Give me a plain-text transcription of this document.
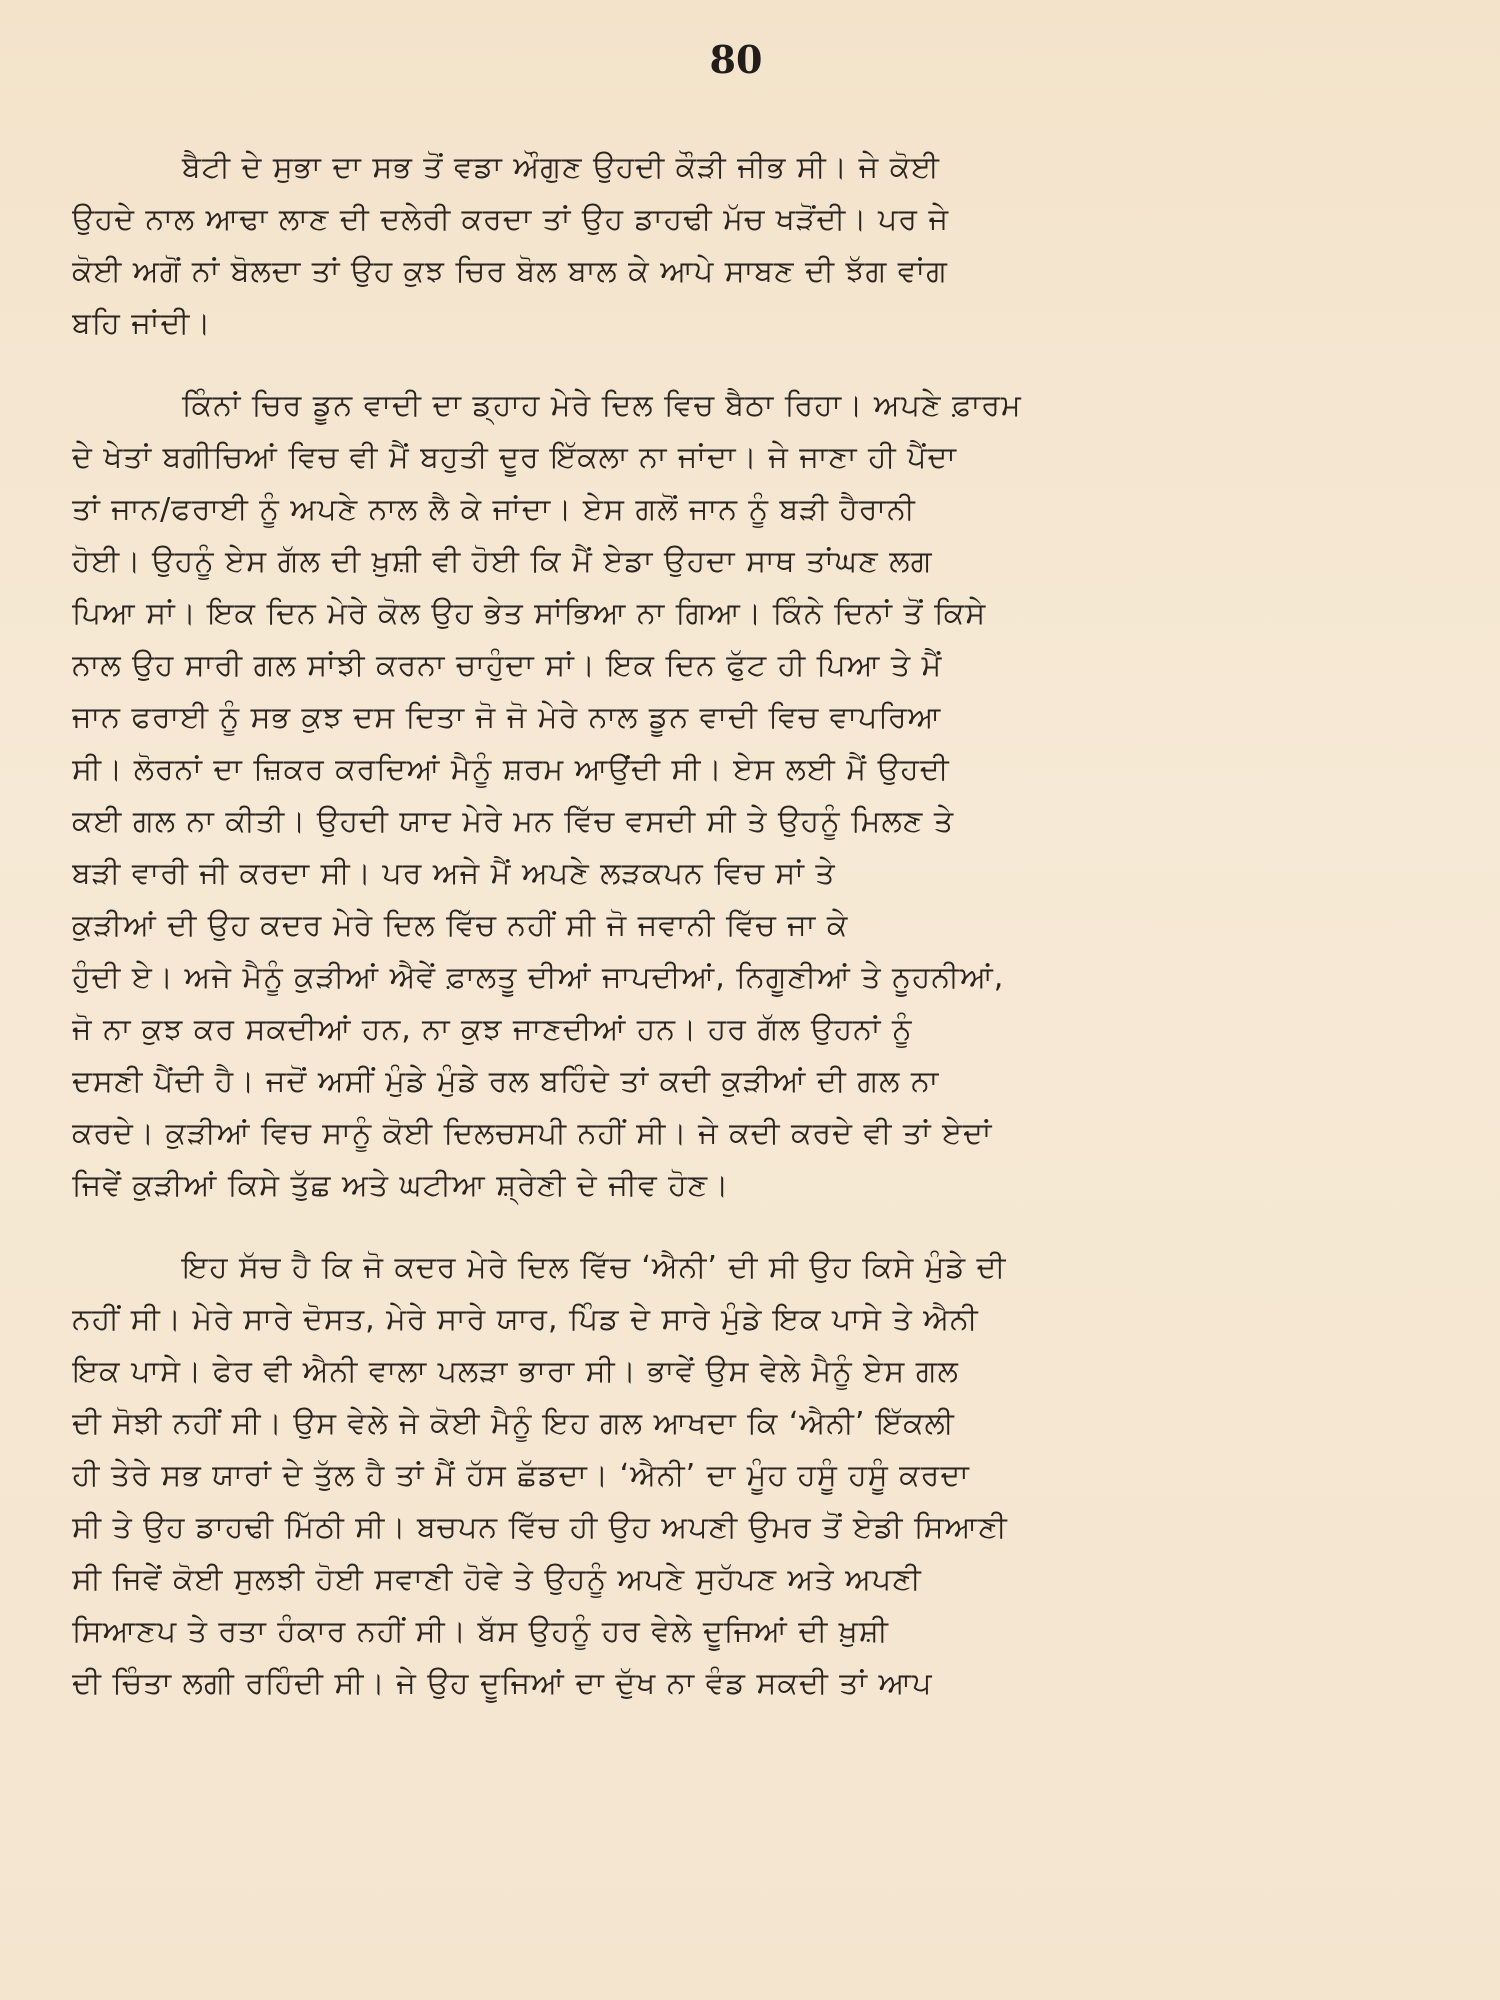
80
ਬੈਟੀ ਦੇ ਸੁਭਾ ਦਾ ਸਭ ਤੋਂ ਵਡਾ ਔਗੁਣ ਉਹਦੀ ਕੌੜੀ ਜੀਭ ਸੀ। ਜੇ ਕੋਈ
ਉਹਦੇ ਨਾਲ ਆਢਾ ਲਾਣ ਦੀ ਦਲੇਰੀ ਕਰਦਾ ਤਾਂ ਉਹ ਡਾਹਢੀ ਮੱਚ ਖੜੋਂਦੀ। ਪਰ ਜੇ
ਕੋਈ ਅਗੋਂ ਨਾਂ ਬੋਲਦਾ ਤਾਂ ਉਹ ਕੁਝ ਚਿਰ ਬੋਲ ਬਾਲ ਕੇ ਆਪੇ ਸਾਬਣ ਦੀ ਝੱਗ ਵਾਂਗ
ਬਹਿ ਜਾਂਦੀ।
ਕਿੰਨਾਂ ਚਿਰ ਡੂਨ ਵਾਦੀ ਦਾ ਡ੍ਹਾਹ ਮੇਰੇ ਦਿਲ ਵਿਚ ਬੈਠਾ ਰਿਹਾ। ਅਪਣੇ ਫ਼ਾਰਮ
ਦੇ ਖੇਤਾਂ ਬਗੀਚਿਆਂ ਵਿਚ ਵੀ ਮੈਂ ਬਹੁਤੀ ਦੂਰ ਇੱਕਲਾ ਨਾ ਜਾਂਦਾ। ਜੇ ਜਾਣਾ ਹੀ ਪੈਂਦਾ
ਤਾਂ ਜਾਨ/ਫਰਾਈ ਨੂੰ ਅਪਣੇ ਨਾਲ ਲੈ ਕੇ ਜਾਂਦਾ। ਏਸ ਗਲੋਂ ਜਾਨ ਨੂੰ ਬੜੀ ਹੈਰਾਨੀ
ਹੋਈ। ਉਹਨੂੰ ਏਸ ਗੱਲ ਦੀ ਖ਼ੁਸ਼ੀ ਵੀ ਹੋਈ ਕਿ ਮੈਂ ਏਡਾ ਉਹਦਾ ਸਾਥ ਤਾਂਘਣ ਲਗ
ਪਿਆ ਸਾਂ। ਇਕ ਦਿਨ ਮੇਰੇ ਕੋਲ ਉਹ ਭੇਤ ਸਾਂਭਿਆ ਨਾ ਗਿਆ। ਕਿੰਨੇ ਦਿਨਾਂ ਤੋਂ ਕਿਸੇ
ਨਾਲ ਉਹ ਸਾਰੀ ਗਲ ਸਾਂਝੀ ਕਰਨਾ ਚਾਹੁੰਦਾ ਸਾਂ। ਇਕ ਦਿਨ ਫੁੱਟ ਹੀ ਪਿਆ ਤੇ ਮੈਂ
ਜਾਨ ਫਰਾਈ ਨੂੰ ਸਭ ਕੁਝ ਦਸ ਦਿਤਾ ਜੋ ਜੋ ਮੇਰੇ ਨਾਲ ਡੂਨ ਵਾਦੀ ਵਿਚ ਵਾਪਰਿਆ
ਸੀ। ਲੋਰਨਾਂ ਦਾ ਜ਼ਿਕਰ ਕਰਦਿਆਂ ਮੈਨੂੰ ਸ਼ਰਮ ਆਉਂਦੀ ਸੀ। ਏਸ ਲਈ ਮੈਂ ਉਹਦੀ
ਕਈ ਗਲ ਨਾ ਕੀਤੀ। ਉਹਦੀ ਯਾਦ ਮੇਰੇ ਮਨ ਵਿੱਚ ਵਸਦੀ ਸੀ ਤੇ ਉਹਨੂੰ ਮਿਲਣ ਤੇ
ਬੜੀ ਵਾਰੀ ਜੀ ਕਰਦਾ ਸੀ। ਪਰ ਅਜੇ ਮੈਂ ਅਪਣੇ ਲੜਕਪਨ ਵਿਚ ਸਾਂ ਤੇ
ਕੁੜੀਆਂ ਦੀ ਉਹ ਕਦਰ ਮੇਰੇ ਦਿਲ ਵਿੱਚ ਨਹੀਂ ਸੀ ਜੋ ਜਵਾਨੀ ਵਿੱਚ ਜਾ ਕੇ
ਹੁੰਦੀ ਏ। ਅਜੇ ਮੈਨੂੰ ਕੁੜੀਆਂ ਐਵੇਂ ਫ਼ਾਲਤੂ ਦੀਆਂ ਜਾਪਦੀਆਂ, ਨਿਗੂਣੀਆਂ ਤੇ ਨੂਹਨੀਆਂ,
ਜੋ ਨਾ ਕੁਝ ਕਰ ਸਕਦੀਆਂ ਹਨ, ਨਾ ਕੁਝ ਜਾਣਦੀਆਂ ਹਨ। ਹਰ ਗੱਲ ਉਹਨਾਂ ਨੂੰ
ਦਸਣੀ ਪੈਂਦੀ ਹੈ। ਜਦੋਂ ਅਸੀਂ ਮੁੰਡੇ ਮੁੰਡੇ ਰਲ ਬਹਿੰਦੇ ਤਾਂ ਕਦੀ ਕੁੜੀਆਂ ਦੀ ਗਲ ਨਾ
ਕਰਦੇ। ਕੁੜੀਆਂ ਵਿਚ ਸਾਨੂੰ ਕੋਈ ਦਿਲਚਸਪੀ ਨਹੀਂ ਸੀ। ਜੇ ਕਦੀ ਕਰਦੇ ਵੀ ਤਾਂ ਏਦਾਂ
ਜਿਵੇਂ ਕੁੜੀਆਂ ਕਿਸੇ ਤੁੱਛ ਅਤੇ ਘਟੀਆ ਸ਼੍ਰੇਣੀ ਦੇ ਜੀਵ ਹੋਣ।
ਇਹ ਸੱਚ ਹੈ ਕਿ ਜੋ ਕਦਰ ਮੇਰੇ ਦਿਲ ਵਿੱਚ ‘ਐਨੀ’ ਦੀ ਸੀ ਉਹ ਕਿਸੇ ਮੁੰਡੇ ਦੀ
ਨਹੀਂ ਸੀ। ਮੇਰੇ ਸਾਰੇ ਦੋਸਤ, ਮੇਰੇ ਸਾਰੇ ਯਾਰ, ਪਿੰਡ ਦੇ ਸਾਰੇ ਮੁੰਡੇ ਇਕ ਪਾਸੇ ਤੇ ਐਨੀ
ਇਕ ਪਾਸੇ। ਫੇਰ ਵੀ ਐਨੀ ਵਾਲਾ ਪਲੜਾ ਭਾਰਾ ਸੀ। ਭਾਵੇਂ ਉਸ ਵੇਲੇ ਮੈਨੂੰ ਏਸ ਗਲ
ਦੀ ਸੋਝੀ ਨਹੀਂ ਸੀ। ਉਸ ਵੇਲੇ ਜੇ ਕੋਈ ਮੈਨੂੰ ਇਹ ਗਲ ਆਖਦਾ ਕਿ ‘ਐਨੀ’ ਇੱਕਲੀ
ਹੀ ਤੇਰੇ ਸਭ ਯਾਰਾਂ ਦੇ ਤੁੱਲ ਹੈ ਤਾਂ ਮੈਂ ਹੱਸ ਛੱਡਦਾ। ‘ਐਨੀ’ ਦਾ ਮੂੰਹ ਹਸੂੰ ਹਸੂੰ ਕਰਦਾ
ਸੀ ਤੇ ਉਹ ਡਾਹਢੀ ਮਿੱਠੀ ਸੀ। ਬਚਪਨ ਵਿੱਚ ਹੀ ਉਹ ਅਪਣੀ ਉਮਰ ਤੋਂ ਏਡੀ ਸਿਆਣੀ
ਸੀ ਜਿਵੇਂ ਕੋਈ ਸੁਲਝੀ ਹੋਈ ਸਵਾਣੀ ਹੋਵੇ ਤੇ ਉਹਨੂੰ ਅਪਣੇ ਸੁਹੱਪਣ ਅਤੇ ਅਪਣੀ
ਸਿਆਣਪ ਤੇ ਰਤਾ ਹੰਕਾਰ ਨਹੀਂ ਸੀ। ਬੱਸ ਉਹਨੂੰ ਹਰ ਵੇਲੇ ਦੂਜਿਆਂ ਦੀ ਖ਼ੁਸ਼ੀ
ਦੀ ਚਿੰਤਾ ਲਗੀ ਰਹਿੰਦੀ ਸੀ। ਜੇ ਉਹ ਦੂਜਿਆਂ ਦਾ ਦੁੱਖ ਨਾ ਵੰਡ ਸਕਦੀ ਤਾਂ ਆਪ
